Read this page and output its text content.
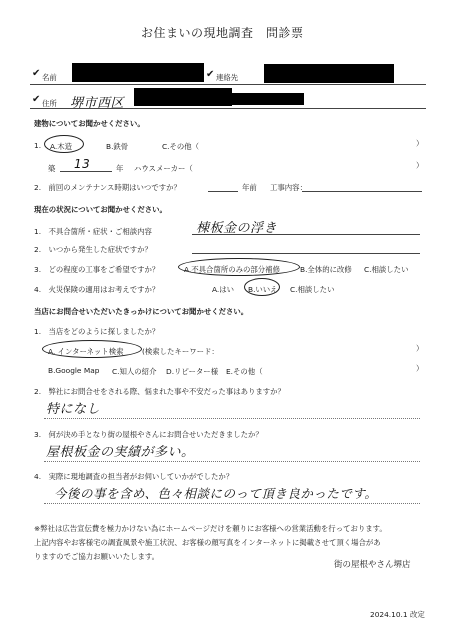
お住まいの現地調査　問診票
✔ 名前	✔ 連絡先
✔ 住所 堺市西区
建物についてお聞かせください。
1. A.木造	B.鉄骨	C.その他（	）
築 13	年 ハウスメーカー（	）
2.　前回のメンテナンス時期はいつですか？	年前 工事内容：
現在の状況についてお聞かせください。
1.　不具合箇所・症状・ご相談内容	棟板金の浮き
2.　いつから発生した症状ですか？
3.　どの程度の工事をご希望ですか？	A.不具合箇所のみの部分補修	B.全体的に改修 C.相談したい
4.　火災保険の適用はお考えですか？	A.はい B.いいえ C.相談したい
当店にお問合せいただいたきっかけについてお聞かせください。
1.　当店をどのように探しましたか？
A. インターネット検索	(検索したキーワード：	）
B.Google Map C.知人の紹介 D.リピーター様 E.その他（	）
2.　弊社にお問合せをされる際、悩まれた事や不安だった事はありますか？
特になし
3.　何が決め手となり街の屋根やさんにお問合せいただきましたか？
屋根板金の実績が多い。
4.　実際に現地調査の担当者がお伺いしていかがでしたか？
今後の事を含め、色々相談にのって頂き良かったです。
※弊社は広告宣伝費を極力かけない為にホームページだけを頼りにお客様への営業活動を行っております。
上記内容やお客様宅の調査風景や施工状況、お客様の顔写真をインターネットに掲載させて頂く場合があ
りますのでご協力お願いいたします。
街の屋根やさん堺店
2024.10.1 改定
